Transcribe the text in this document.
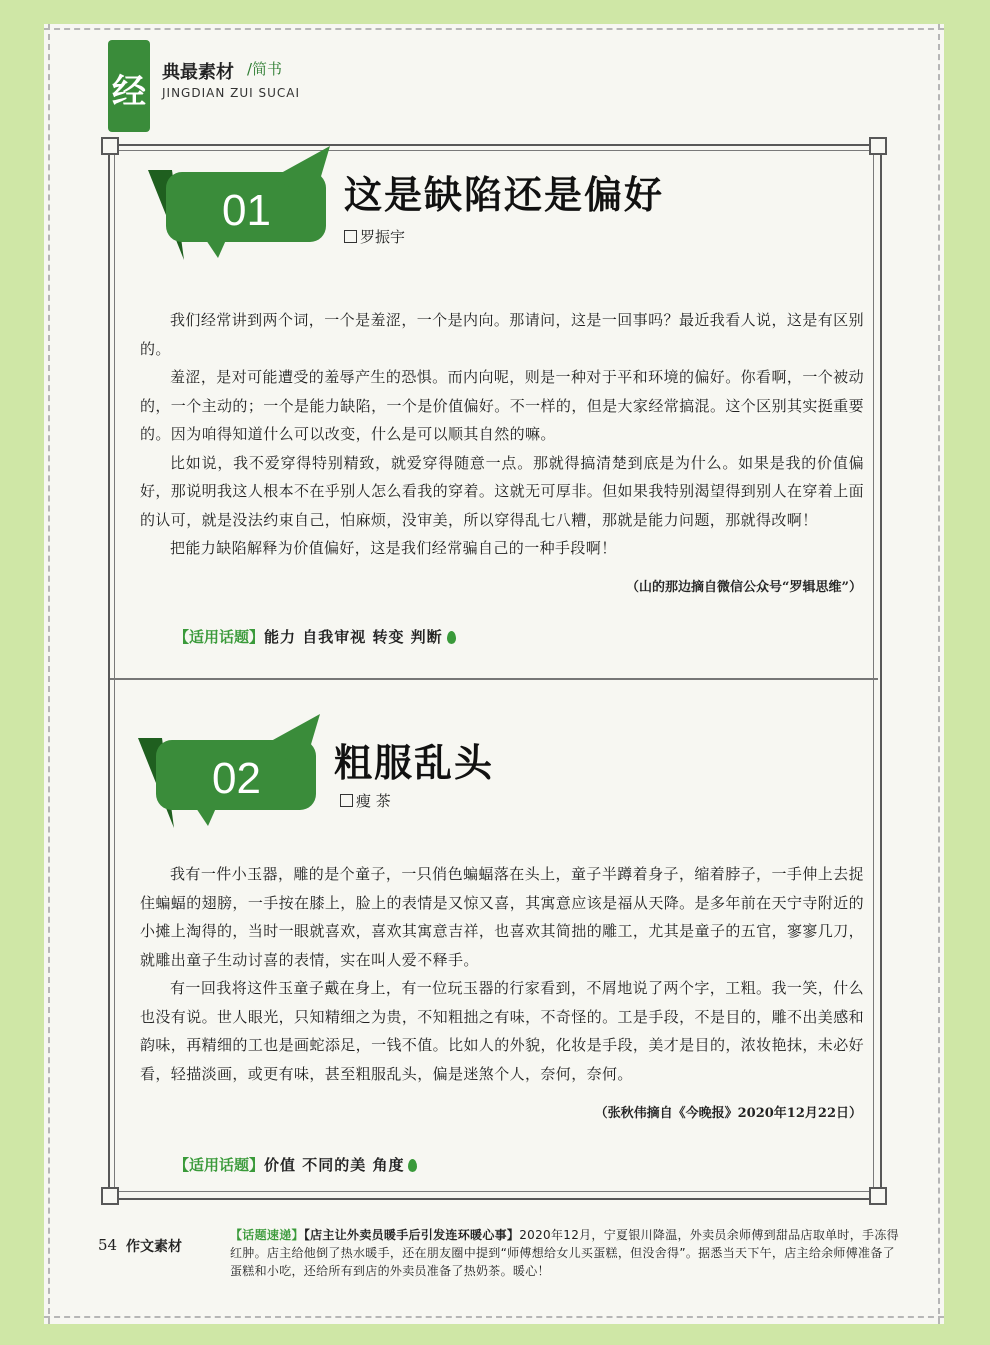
经 典最素材 /简书
JINGDIAN ZUI SUCAI
01 这是缺陷还是偏好
罗振宇

我们经常讲到两个词，一个是羞涩，一个是内向。那请问，这是一回事吗？最近我看人说，这是有区别的。

羞涩，是对可能遭受的羞辱产生的恐惧。而内向呢，则是一种对于平和环境的偏好。你看啊，一个被动的，一个主动的；一个是能力缺陷，一个是价值偏好。不一样的，但是大家经常搞混。这个区别其实挺重要的。因为咱得知道什么可以改变，什么是可以顺其自然的嘛。

比如说，我不爱穿得特别精致，就爱穿得随意一点。那就得搞清楚到底是为什么。如果是我的价值偏好，那说明我这人根本不在乎别人怎么看我的穿着。这就无可厚非。但如果我特别渴望得到别人在穿着上面的认可，就是没法约束自己，怕麻烦，没审美，所以穿得乱七八糟，那就是能力问题，那就得改啊！

把能力缺陷解释为价值偏好，这是我们经常骗自己的一种手段啊！

（山的那边摘自微信公众号“罗辑思维”）
【适用话题】能力 自我审视 转变 判断
02 粗服乱头
瘦 茶

我有一件小玉器，雕的是个童子，一只俏色蝙蝠落在头上，童子半蹲着身子，缩着脖子，一手伸上去捉住蝙蝠的翅膀，一手按在膝上，脸上的表情是又惊又喜，其寓意应该是福从天降。是多年前在天宁寺附近的小摊上淘得的，当时一眼就喜欢，喜欢其寓意吉祥，也喜欢其简拙的雕工，尤其是童子的五官，寥寥几刀，就雕出童子生动讨喜的表情，实在叫人爱不释手。

有一回我将这件玉童子戴在身上，有一位玩玉器的行家看到，不屑地说了两个字，工粗。我一笑，什么也没有说。世人眼光，只知精细之为贵，不知粗拙之有味，不奇怪的。工是手段，不是目的，雕不出美感和韵味，再精细的工也是画蛇添足，一钱不值。比如人的外貌，化妆是手段，美才是目的，浓妆艳抹，未必好看，轻描淡画，或更有味，甚至粗服乱头，偏是迷煞个人，奈何，奈何。

（张秋伟摘自《今晚报》2020年12月22日）
【适用话题】价值 不同的美 角度
54 作文素材
【话题速递】【店主让外卖员暖手后引发连环暖心事】2020年12月，宁夏银川降温，外卖员余师傅到甜品店取单时，手冻得红肿。店主给他倒了热水暖手，还在朋友圈中提到“师傅想给女儿买蛋糕，但没舍得”。据悉当天下午，店主给余师傅准备了蛋糕和小吃，还给所有到店的外卖员准备了热奶茶。暖心！
